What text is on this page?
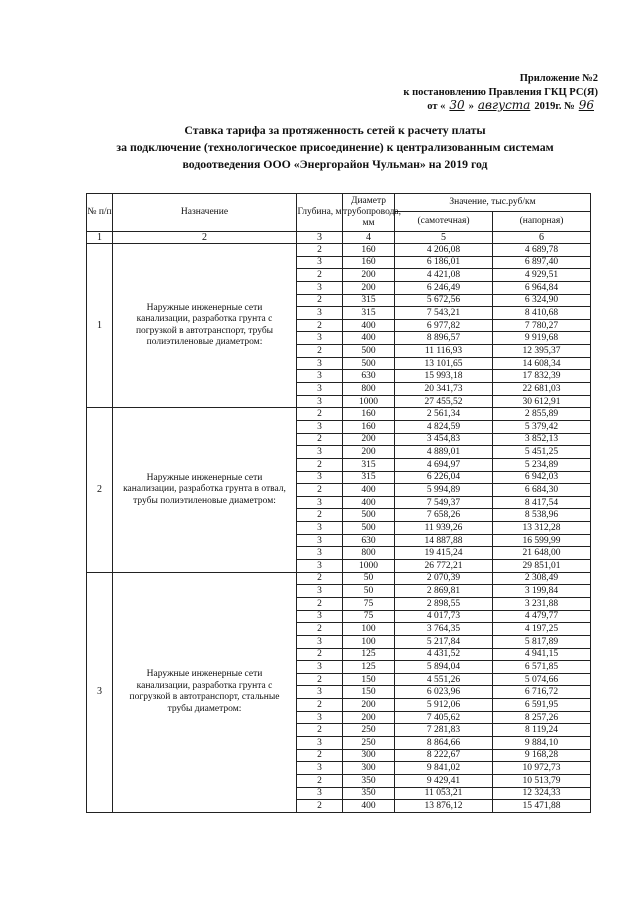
Приложение №2
к постановлению Правления ГКЦ РС(Я)
от « 30 » августа 2019г. № 96
Ставка тарифа за протяженность сетей к расчету платы
за подключение (технологическое присоединение) к централизованным системам
водоотведения ООО «Энергорайон Чульман» на 2019 год
№ п/п	Назначение	Глубина, м	Диаметр трубопровода, мм	Значение, тыс.руб/км	
				(самотечная)	(напорная)
1	2	3	4	5	6
1	Наружные инженерные сети канализации, разработка грунта с погрузкой в автотранспорт, трубы полиэтиленовые диаметром:	2	160	4 206,08	4 689,78
		3	160	6 186,01	6 897,40
		2	200	4 421,08	4 929,51
		3	200	6 246,49	6 964,84
		2	315	5 672,56	6 324,90
		3	315	7 543,21	8 410,68
		2	400	6 977,82	7 780,27
		3	400	8 896,57	9 919,68
		2	500	11 116,93	12 395,37
		3	500	13 101,65	14 608,34
		3	630	15 993,18	17 832,39
		3	800	20 341,73	22 681,03
		3	1000	27 455,52	30 612,91
2	Наружные инженерные сети канализации, разработка грунта в отвал, трубы полиэтиленовые диаметром:	2	160	2 561,34	2 855,89
		3	160	4 824,59	5 379,42
		2	200	3 454,83	3 852,13
		3	200	4 889,01	5 451,25
		2	315	4 694,97	5 234,89
		3	315	6 226,04	6 942,03
		2	400	5 994,89	6 684,30
		3	400	7 549,37	8 417,54
		2	500	7 658,26	8 538,96
		3	500	11 939,26	13 312,28
		3	630	14 887,88	16 599,99
		3	800	19 415,24	21 648,00
		3	1000	26 772,21	29 851,01
3	Наружные инженерные сети канализации, разработка грунта с погрузкой в автотранспорт, стальные трубы диаметром:	2	50	2 070,39	2 308,49
		3	50	2 869,81	3 199,84
		2	75	2 898,55	3 231,88
		3	75	4 017,73	4 479,77
		2	100	3 764,35	4 197,25
		3	100	5 217,84	5 817,89
		2	125	4 431,52	4 941,15
		3	125	5 894,04	6 571,85
		2	150	4 551,26	5 074,66
		3	150	6 023,96	6 716,72
		2	200	5 912,06	6 591,95
		3	200	7 405,62	8 257,26
		2	250	7 281,83	8 119,24
		3	250	8 864,66	9 884,10
		2	300	8 222,67	9 168,28
		3	300	9 841,02	10 972,73
		2	350	9 429,41	10 513,79
		3	350	11 053,21	12 324,33
		2	400	13 876,12	15 471,88
